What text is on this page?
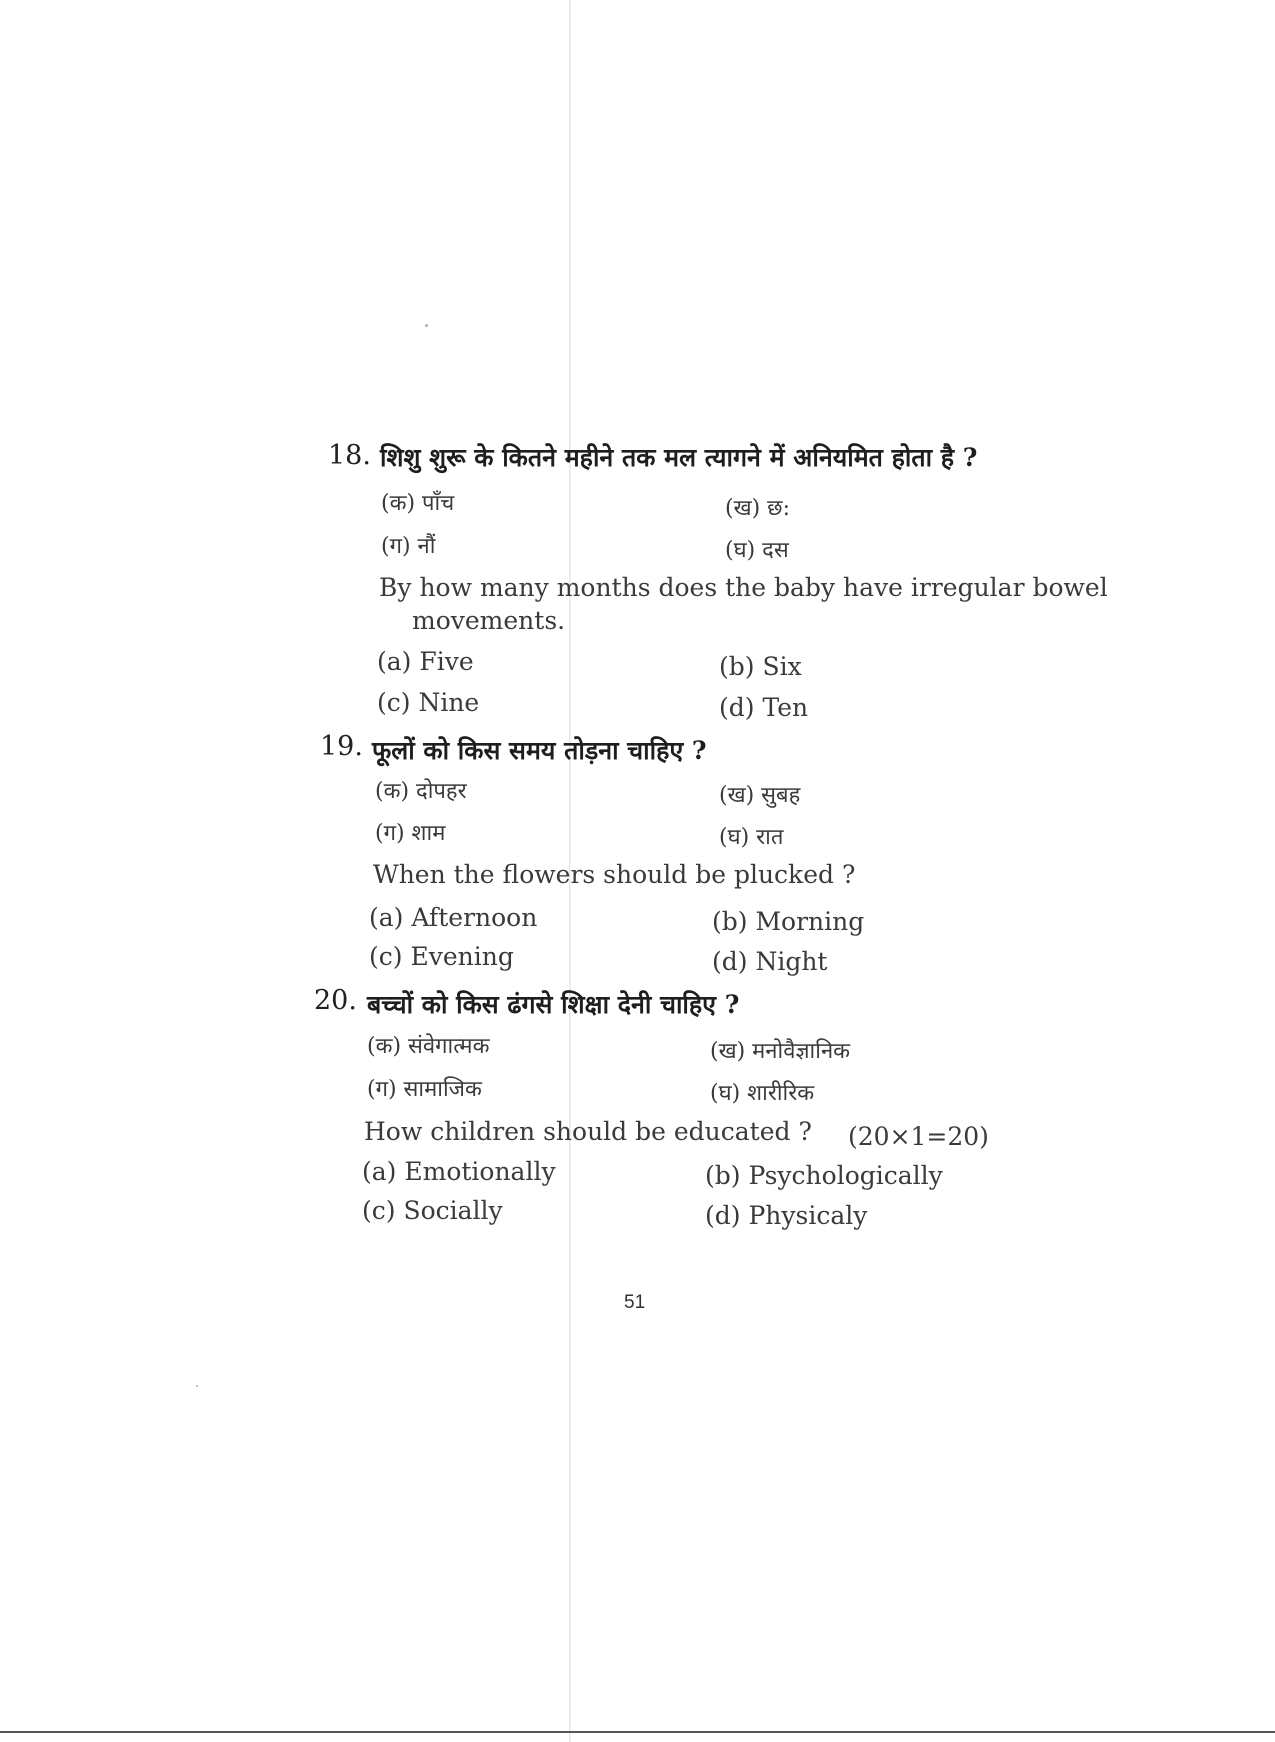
18. शिशु शुरू के कितने महीने तक मल त्यागने में अनियमित होता है ?
(क) पाँच	(ख) छ:
(ग) नौं	(घ) दस
By how many months does the baby have irregular bowel
movements.
(a) Five	(b) Six
(c) Nine	(d) Ten
19. फूलों को किस समय तोड़ना चाहिए ?
(क) दोपहर	(ख) सुबह
(ग) शाम	(घ) रात
When the flowers should be plucked ?
(a) Afternoon	(b) Morning
(c) Evening	(d) Night
20. बच्चों को किस ढंगसे शिक्षा देनी चाहिए ?
(क) संवेगात्मक	(ख) मनोवैज्ञानिक
(ग) सामाजिक	(घ) शारीरिक
How children should be educated ? (20×1=20)
(a) Emotionally	(b) Psychologically
(c) Socially	(d) Physicaly
51
